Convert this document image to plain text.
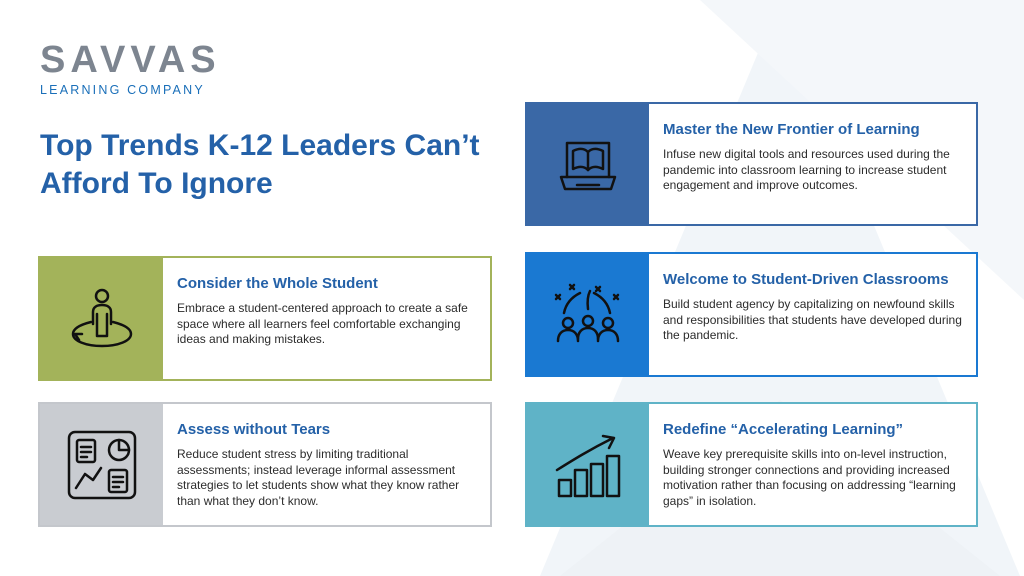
SAVVAS
LEARNING COMPANY
Top Trends K-12 Leaders Can’t Afford To Ignore

Master the New Frontier of Learning

Infuse new digital tools and resources used during the pandemic into classroom learning to increase student engagement and improve outcomes.

Consider the Whole Student

Embrace a student-centered approach to create a safe space where all learners feel comfortable exchanging ideas and making mistakes.

Welcome to Student-Driven Classrooms

Build student agency by capitalizing on newfound skills and responsibilities that students have developed during the pandemic.

Assess without Tears

Reduce student stress by limiting traditional assessments; instead leverage informal assessment strategies to let students show what they know rather than what they don’t know.

Redefine “Accelerating Learning”

Weave key prerequisite skills into on-level instruction, building stronger connections and providing increased motivation rather than focusing on addressing “learning gaps” in isolation.
